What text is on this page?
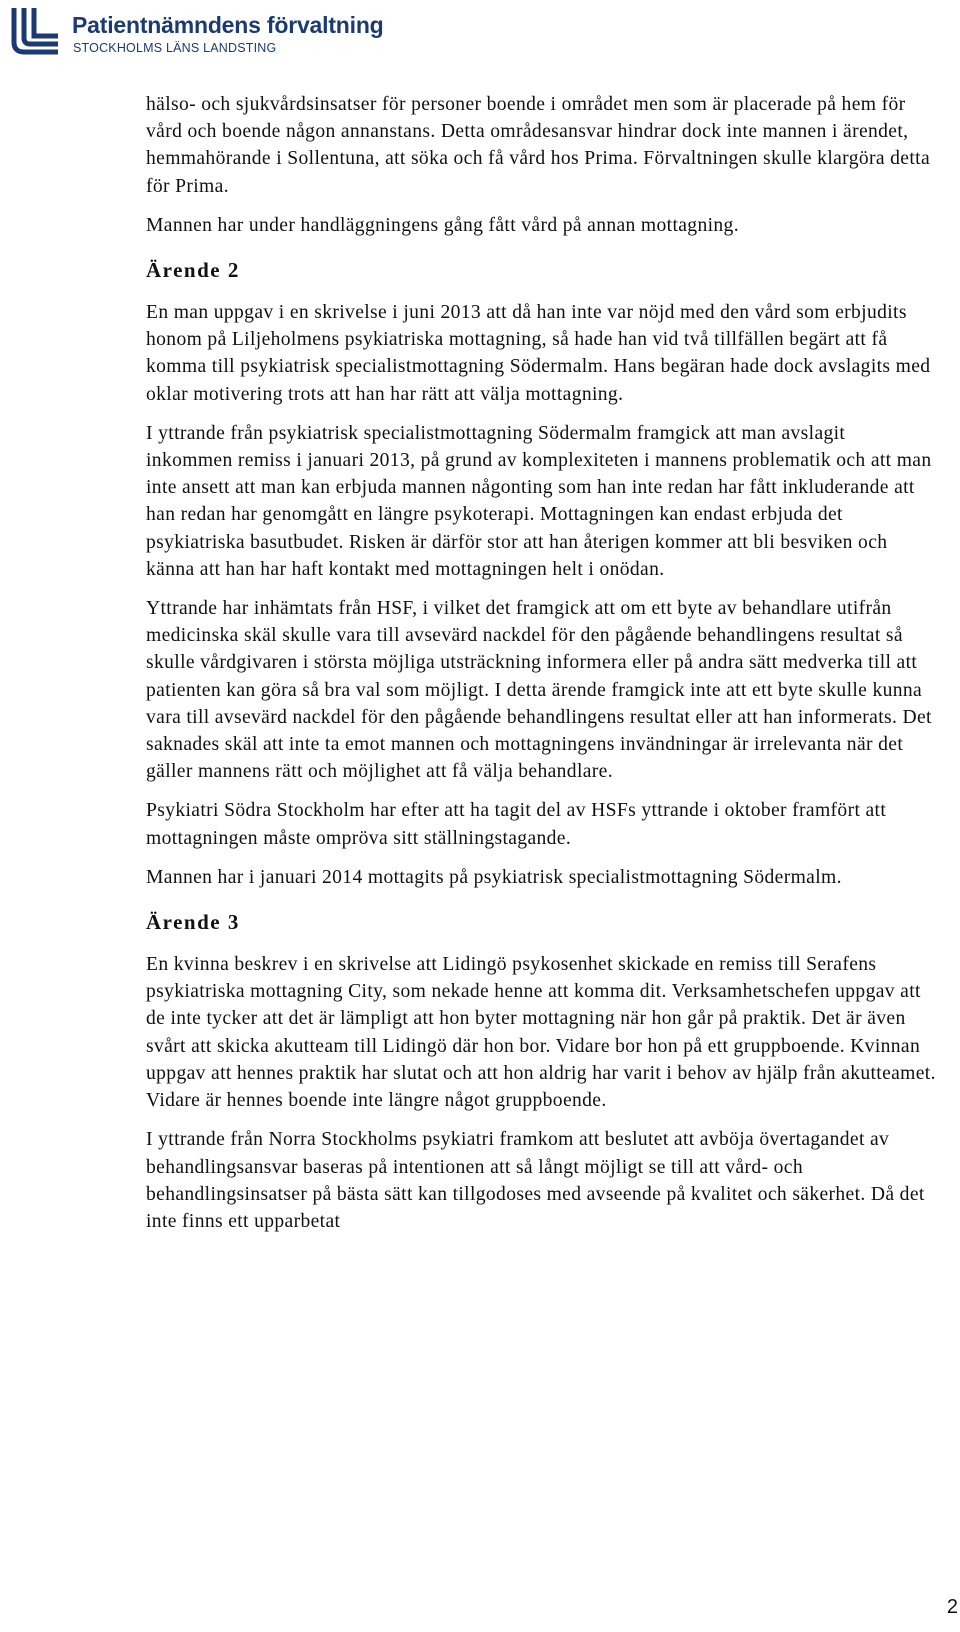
Patientnämndens förvaltning
STOCKHOLMS LÄNS LANDSTING

hälso- och sjukvårdsinsatser för personer boende i området men som är placerade på hem för vård och boende någon annanstans. Detta områdesansvar hindrar dock inte mannen i ärendet, hemmahörande i Sollentuna, att söka och få vård hos Prima. Förvaltningen skulle klargöra detta för Prima.

Mannen har under handläggningens gång fått vård på annan mottagning.

Ärende 2

En man uppgav i en skrivelse i juni 2013 att då han inte var nöjd med den vård som erbjudits honom på Liljeholmens psykiatriska mottagning, så hade han vid två tillfällen begärt att få komma till psykiatrisk specialistmottagning Södermalm. Hans begäran hade dock avslagits med oklar motivering trots att han har rätt att välja mottagning.

I yttrande från psykiatrisk specialistmottagning Södermalm framgick att man avslagit inkommen remiss i januari 2013, på grund av komplexiteten i mannens problematik och att man inte ansett att man kan erbjuda mannen någonting som han inte redan har fått inkluderande att han redan har genomgått en längre psykoterapi. Mottagningen kan endast erbjuda det psykiatriska basutbudet. Risken är därför stor att han återigen kommer att bli besviken och känna att han har haft kontakt med mottagningen helt i onödan.

Yttrande har inhämtats från HSF, i vilket det framgick att om ett byte av behandlare utifrån medicinska skäl skulle vara till avsevärd nackdel för den pågående behandlingens resultat så skulle vårdgivaren i största möjliga utsträckning informera eller på andra sätt medverka till att patienten kan göra så bra val som möjligt. I detta ärende framgick inte att ett byte skulle kunna vara till avsevärd nackdel för den pågående behandlingens resultat eller att han informerats. Det saknades skäl att inte ta emot mannen och mottagningens invändningar är irrelevanta när det gäller mannens rätt och möjlighet att få välja behandlare.

Psykiatri Södra Stockholm har efter att ha tagit del av HSFs yttrande i oktober framfört att mottagningen måste ompröva sitt ställningstagande.

Mannen har i januari 2014 mottagits på psykiatrisk specialistmottagning Södermalm.

Ärende 3

En kvinna beskrev i en skrivelse att Lidingö psykosenhet skickade en remiss till Serafens psykiatriska mottagning City, som nekade henne att komma dit. Verksamhetschefen uppgav att de inte tycker att det är lämpligt att hon byter mottagning när hon går på praktik. Det är även svårt att skicka akutteam till Lidingö där hon bor. Vidare bor hon på ett gruppboende. Kvinnan uppgav att hennes praktik har slutat och att hon aldrig har varit i behov av hjälp från akutteamet. Vidare är hennes boende inte längre något gruppboende.

I yttrande från Norra Stockholms psykiatri framkom att beslutet att avböja övertagandet av behandlingsansvar baseras på intentionen att så långt möjligt se till att vård- och behandlingsinsatser på bästa sätt kan tillgodoses med avseende på kvalitet och säkerhet. Då det inte finns ett upparbetat

2
